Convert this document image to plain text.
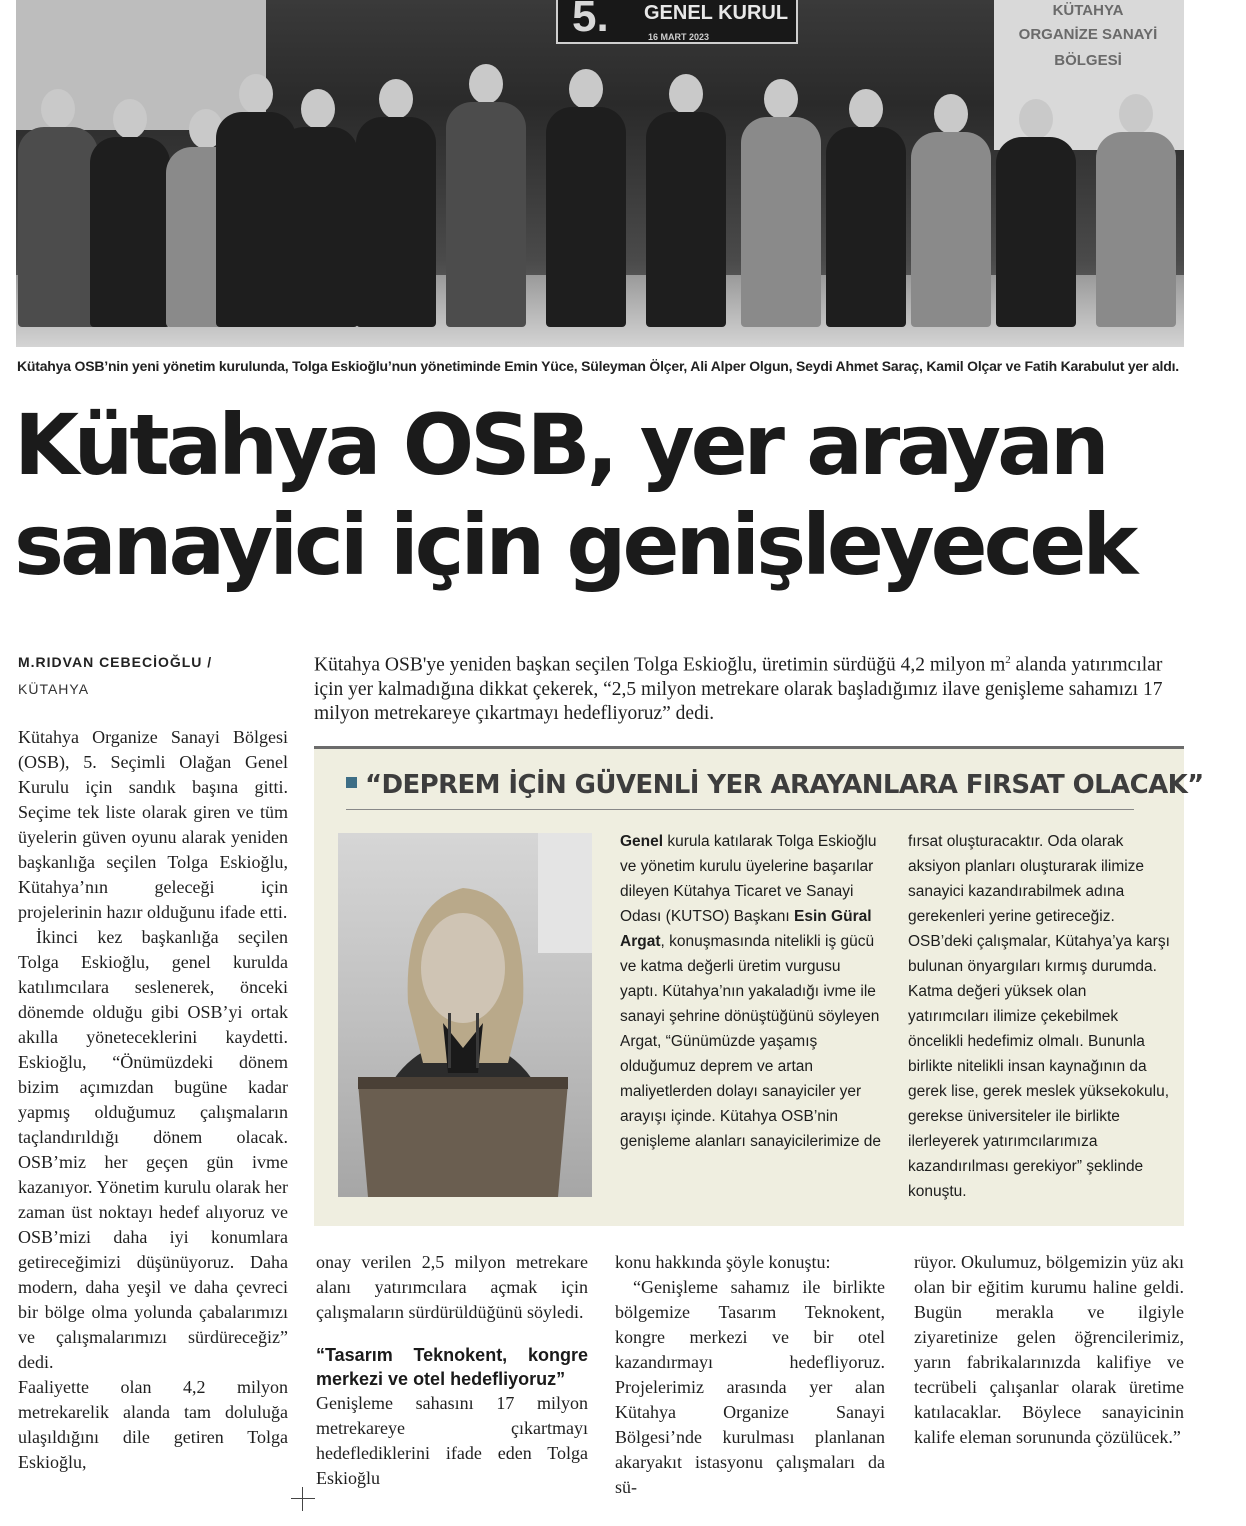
KÜTAHYA
ORGANİZE SANAYİ
BÖLGESİ
5. GENEL KURUL
16 MART 2023
Kütahya OSB’nin yeni yönetim kurulunda, Tolga Eskioğlu’nun yönetiminde Emin Yüce, Süleyman Ölçer, Ali Alper Olgun, Seydi Ahmet Saraç, Kamil Olçar ve Fatih Karabulut yer aldı.
Kütahya OSB, yer arayan
sanayici için genişleyecek
M.RIDVAN CEBECİOĞLU /
KÜTAHYA

Kütahya OSB'ye yeniden başkan seçilen Tolga Eskioğlu, üretimin sürdüğü 4,2 milyon $m^2$ alanda yatırımcılar için yer kalmadığına dikkat çekerek, “2,5 milyon metrekare olarak başladığımız ilave genişleme sahamızı 17 milyon metrekareye çıkartmayı hedefliyoruz” dedi.

Kütahya Organize Sanayi Bölgesi (OSB), 5. Seçimli Olağan Genel Kurulu için sandık başına gitti. Seçime tek liste olarak giren ve tüm üyelerin güven oyunu alarak yeniden başkanlığa seçilen Tolga Eskioğlu, Kütahya’nın geleceği için projelerinin hazır olduğunu ifade etti.

İkinci kez başkanlığa seçilen Tolga Eskioğlu, genel kurulda katılımcılara seslenerek, önceki dönemde olduğu gibi OSB’yi ortak akılla yöneteceklerini kaydetti. Eskioğlu, “Önümüzdeki dönem bizim açımızdan bugüne kadar yapmış olduğumuz çalışmaların taçlandırıldığı dönem olacak. OSB’miz her geçen gün ivme kazanıyor. Yönetim kurulu olarak her zaman üst noktayı hedef alıyoruz ve OSB’mizi daha iyi konumlara getireceğimizi düşünüyoruz. Daha modern, daha yeşil ve daha çevreci bir bölge olma yolunda çabalarımızı ve çalışmalarımızı sürdüreceğiz” dedi.

Faaliyette olan 4,2 milyon metrekarelik alanda tam doluluğa ulaşıldığını dile getiren Tolga Eskioğlu,

“DEPREM İÇİN GÜVENLİ YER ARAYANLARA FIRSAT OLACAK”

Genel kurula katılarak Tolga Eskioğlu ve yönetim kurulu üyelerine başarılar dileyen Kütahya Ticaret ve Sanayi Odası (KUTSO) Başkanı Esin Güral Argat, konuşmasında nitelikli iş gücü ve katma değerli üretim vurgusu yaptı. Kütahya’nın yakaladığı ivme ile sanayi şehrine dönüştüğünü söyleyen Argat, “Günümüzde yaşamış olduğumuz deprem ve artan maliyetlerden dolayı sanayiciler yer arayışı içinde. Kütahya OSB’nin genişleme alanları sanayicilerimize de

fırsat oluşturacaktır. Oda olarak aksiyon planları oluşturarak ilimize sanayici kazandırabilmek adına gerekenleri yerine getireceğiz. OSB’deki çalışmalar, Kütahya’ya karşı bulunan önyargıları kırmış durumda. Katma değeri yüksek olan yatırımcıları ilimize çekebilmek öncelikli hedefimiz olmalı. Bununla birlikte nitelikli insan kaynağının da gerek lise, gerek meslek yüksekokulu, gerekse üniversiteler ile birlikte ilerleyerek yatırımcılarımıza kazandırılması gerekiyor” şeklinde konuştu.

onay verilen 2,5 milyon metrekare alanı yatırımcılara açmak için çalışmaların sürdürüldüğünü söyledi.

“Tasarım Teknokent, kongre merkezi ve otel hedefliyoruz”

Genişleme sahasını 17 milyon metrekareye çıkartmayı hedeflediklerini ifade eden Tolga Eskioğlu

konu hakkında şöyle konuştu:

“Genişleme sahamız ile birlikte bölgemize Tasarım Teknokent, kongre merkezi ve bir otel kazandırmayı hedefliyoruz. Projelerimiz arasında yer alan Kütahya Organize Sanayi Bölgesi’nde kurulması planlanan akaryakıt istasyonu çalışmaları da sü-

rüyor. Okulumuz, bölgemizin yüz akı olan bir eğitim kurumu haline geldi. Bugün merakla ve ilgiyle ziyaretinize gelen öğrencilerimiz, yarın fabrikalarınızda kalifiye ve tecrübeli çalışanlar olarak üretime katılacaklar. Böylece sanayicinin kalife eleman sorununda çözülücek.”
